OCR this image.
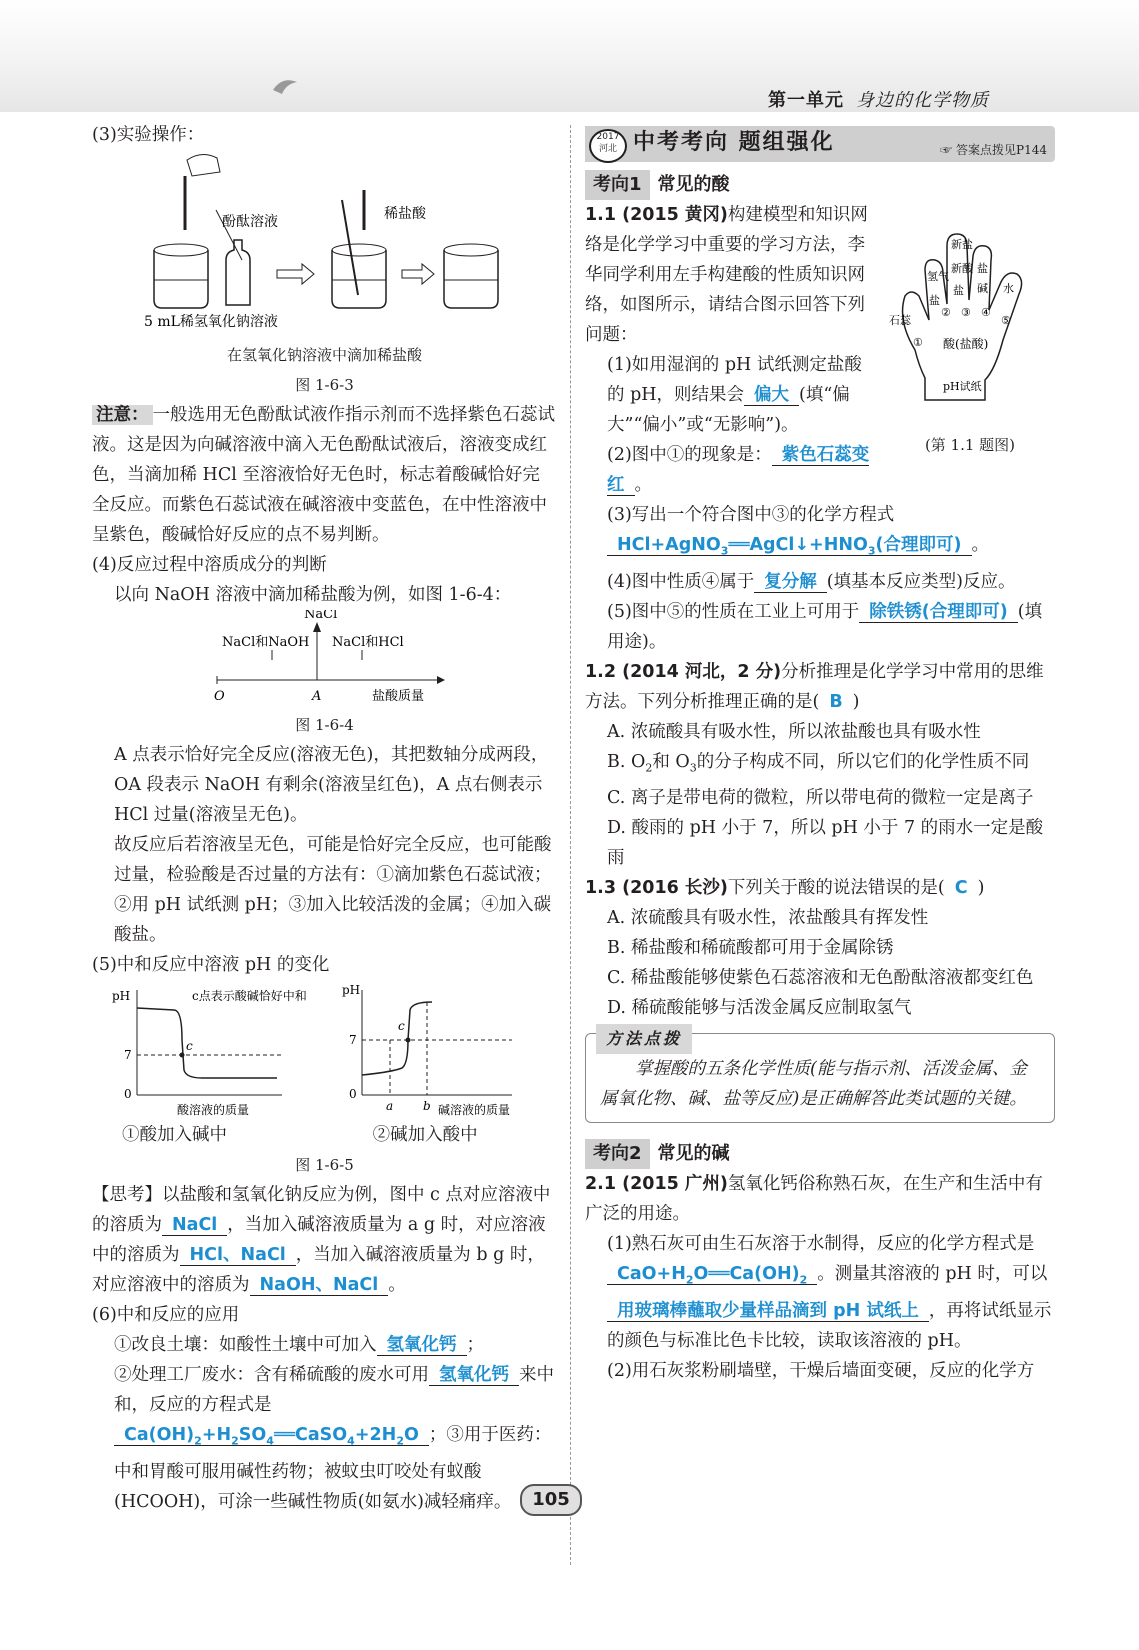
第一单元 身边的化学物质

(3)实验操作：

酚酞溶液	稀盐酸
5 mL稀氢氧化钠溶液

在氢氧化钠溶液中滴加稀盐酸

图 1-6-3

注意： 一般选用无色酚酞试液作指示剂而不选择紫色石蕊试液。这是因为向碱溶液中滴入无色酚酞试液后，溶液变成红色，当滴加稀 HCl 至溶液恰好无色时，标志着酸碱恰好完全反应。而紫色石蕊试液在碱溶液中变蓝色，在中性溶液中呈紫色，酸碱恰好反应的点不易判断。

(4)反应过程中溶质成分的判断

以向 NaOH 溶液中滴加稀盐酸为例，如图 1-6-4：

NaCl
NaCl和NaOH NaCl和HCl
O	A	盐酸质量

图 1-6-4

A 点表示恰好完全反应(溶液无色)，其把数轴分成两段，OA 段表示 NaOH 有剩余(溶液呈红色)，A 点右侧表示 HCl 过量(溶液呈无色)。

故反应后若溶液呈无色，可能是恰好完全反应，也可能酸过量，检验酸是否过量的方法有：①滴加紫色石蕊试液；②用 pH 试纸测 pH；③加入比较活泼的金属；④加入碳酸盐。

(5)中和反应中溶液 pH 的变化

pH
7
0
c
c点表示酸碱恰好中和
酸溶液的质量
pH
7
0
c
a b 碱溶液的质量

①酸加入碱中	②碱加入酸中

图 1-6-5

【思考】以盐酸和氢氧化钠反应为例，图中 c 点对应溶液中的溶质为 NaCl ，当加入碱溶液质量为 a g 时，对应溶液中的溶质为 HCl、NaCl ，当加入碱溶液质量为 b g 时，对应溶液中的溶质为 NaOH、NaCl 。

(6)中和反应的应用

①改良土壤：如酸性土壤中可加入 氢氧化钙 ；

②处理工厂废水：含有稀硫酸的废水可用 氢氧化钙 来中和，反应的方程式是$Ca(OH)_2+H_2SO_4══CaSO_4+2H_2O$ ；③用于医药：中和胃酸可服用碱性药物；被蚊虫叮咬处有蚁酸(HCOOH)，可涂一些碱性物质(如氨水)减轻痛痒。

2017
河北 中考考向 题组强化	☞ 答案点拨见P144

考向1 常见的酸

新盐
新酸
盐
盐
碱 水
氢气
盐
石蕊
①
② ③ ④
⑤
酸(盐酸)
pH试纸

(第 1.1 题图)

1.1 (2015 黄冈)构建模型和知识网络是化学学习中重要的学习方法，李华同学利用左手构建酸的性质知识网络，如图所示，请结合图示回答下列问题：

(1)如用湿润的 pH 试纸测定盐酸的 pH，则结果会 偏大 (填“偏大”“偏小”或“无影响”)。

(2)图中①的现象是： 紫色石蕊变红 。

(3)写出一个符合图中③的化学方程式$HCl+AgNO_3══AgCl↓+HNO_3$(合理即可) 。

(4)图中性质④属于 复分解 (填基本反应类型)反应。

(5)图中⑤的性质在工业上可用于 除铁锈(合理即可) (填用途)。

1.2 (2014 河北，2 分)分析推理是化学学习中常用的思维方法。下列分析推理正确的是( B )

A. 浓硫酸具有吸水性，所以浓盐酸也具有吸水性

B. $O_2$和 $O_3$的分子构成不同，所以它们的化学性质不同

C. 离子是带电荷的微粒，所以带电荷的微粒一定是离子

D. 酸雨的 pH 小于 7，所以 pH 小于 7 的雨水一定是酸雨

1.3 (2016 长沙)下列关于酸的说法错误的是( C )

A. 浓硫酸具有吸水性，浓盐酸具有挥发性

B. 稀盐酸和稀硫酸都可用于金属除锈

C. 稀盐酸能够使紫色石蕊溶液和无色酚酞溶液都变红色

D. 稀硫酸能够与活泼金属反应制取氢气

方法点拨

掌握酸的五条化学性质(能与指示剂、活泼金属、金属氧化物、碱、盐等反应)是正确解答此类试题的关键。

考向2 常见的碱

2.1 (2015 广州)氢氧化钙俗称熟石灰，在生产和生活中有广泛的用途。

(1)熟石灰可由生石灰溶于水制得，反应的化学方程式是$CaO+H_2O══Ca(OH)_2$ 。测量其溶液的 pH 时，可以用玻璃棒蘸取少量样品滴到 pH 试纸上 ，再将试纸显示的颜色与标准比色卡比较，读取该溶液的 pH。

(2)用石灰浆粉刷墙壁，干燥后墙面变硬，反应的化学方

105
